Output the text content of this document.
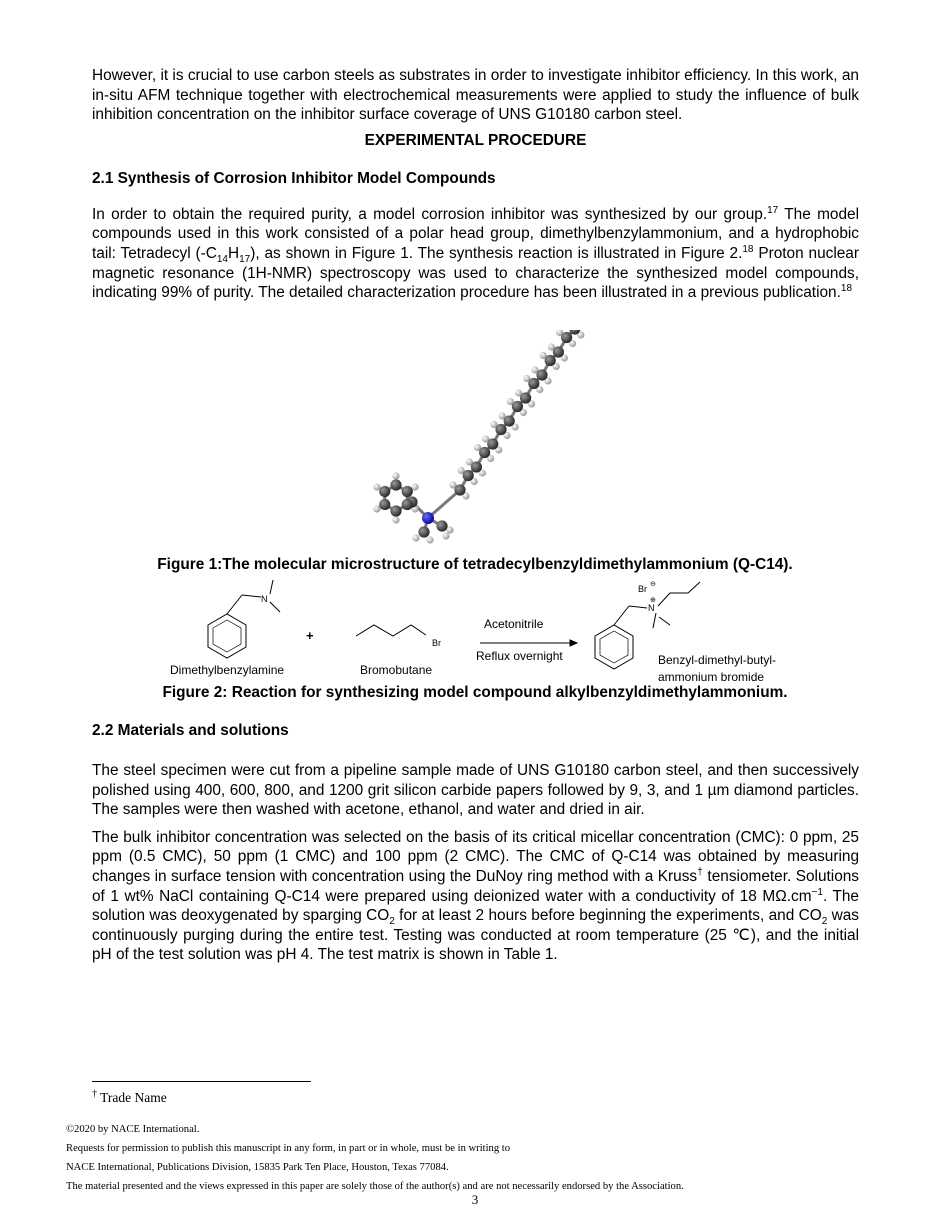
However, it is crucial to use carbon steels as substrates in order to investigate inhibitor efficiency. In this work, an in-situ AFM technique together with electrochemical measurements were applied to study the influence of bulk inhibition concentration on the inhibitor surface coverage of UNS G10180 carbon steel.

EXPERIMENTAL PROCEDURE
2.1 Synthesis of Corrosion Inhibitor Model Compounds

In order to obtain the required purity, a model corrosion inhibitor was synthesized by our group.$^{17}$ The model compounds used in this work consisted of a polar head group, dimethylbenzylammonium, and a hydrophobic tail: Tetradecyl $(-C_{14}H_{17})$, as shown in Figure 1. The synthesis reaction is illustrated in Figure 2.18 Proton nuclear magnetic resonance (1H-NMR) spectroscopy was used to characterize the synthesized model compounds, indicating 99% of purity. The detailed characterization procedure has been illustrated in a previous publication.$^{18}$

Figure 1:The molecular microstructure of tetradecylbenzyldimethylammonium (Q-C14).
N
Br
+
Acetonitrile
Reflux overnight
N
⊕
Br ⊖
Dimethylbenzylamine	Bromobutane
Benzyl-dimethyl-butyl-
ammonium bromide
Figure 2: Reaction for synthesizing model compound alkylbenzyldimethylammonium.
2.2 Materials and solutions

The steel specimen were cut from a pipeline sample made of UNS G10180 carbon steel, and then successively polished using 400, 600, 800, and 1200 grit silicon carbide papers followed by 9, 3, and 1 µm diamond particles. The samples were then washed with acetone, ethanol, and water and dried in air.

The bulk inhibitor concentration was selected on the basis of its critical micellar concentration (CMC): 0 ppm, 25 ppm (0.5 CMC), 50 ppm (1 CMC) and 100 ppm (2 CMC). The CMC of Q-C14 was obtained by measuring changes in surface tension with concentration using the DuNoy ring method with a Kruss† tensiometer. Solutions of 1 wt% NaCl containing Q-C14 were prepared using deionized water with a conductivity of 18 $M\Omega.cm^{-1}$. The solution was deoxygenated by sparging $CO_2$ for at least 2 hours before beginning the experiments, and $CO_2$ was continuously purging during the entire test. Testing was conducted at room temperature (25 ℃), and the initial pH of the test solution was pH 4. The test matrix is shown in Table 1.

† Trade Name
©2020 by NACE International.
Requests for permission to publish this manuscript in any form, in part or in whole, must be in writing to
NACE International, Publications Division, 15835 Park Ten Place, Houston, Texas 77084.
The material presented and the views expressed in this paper are solely those of the author(s) and are not necessarily endorsed by the Association.
3
